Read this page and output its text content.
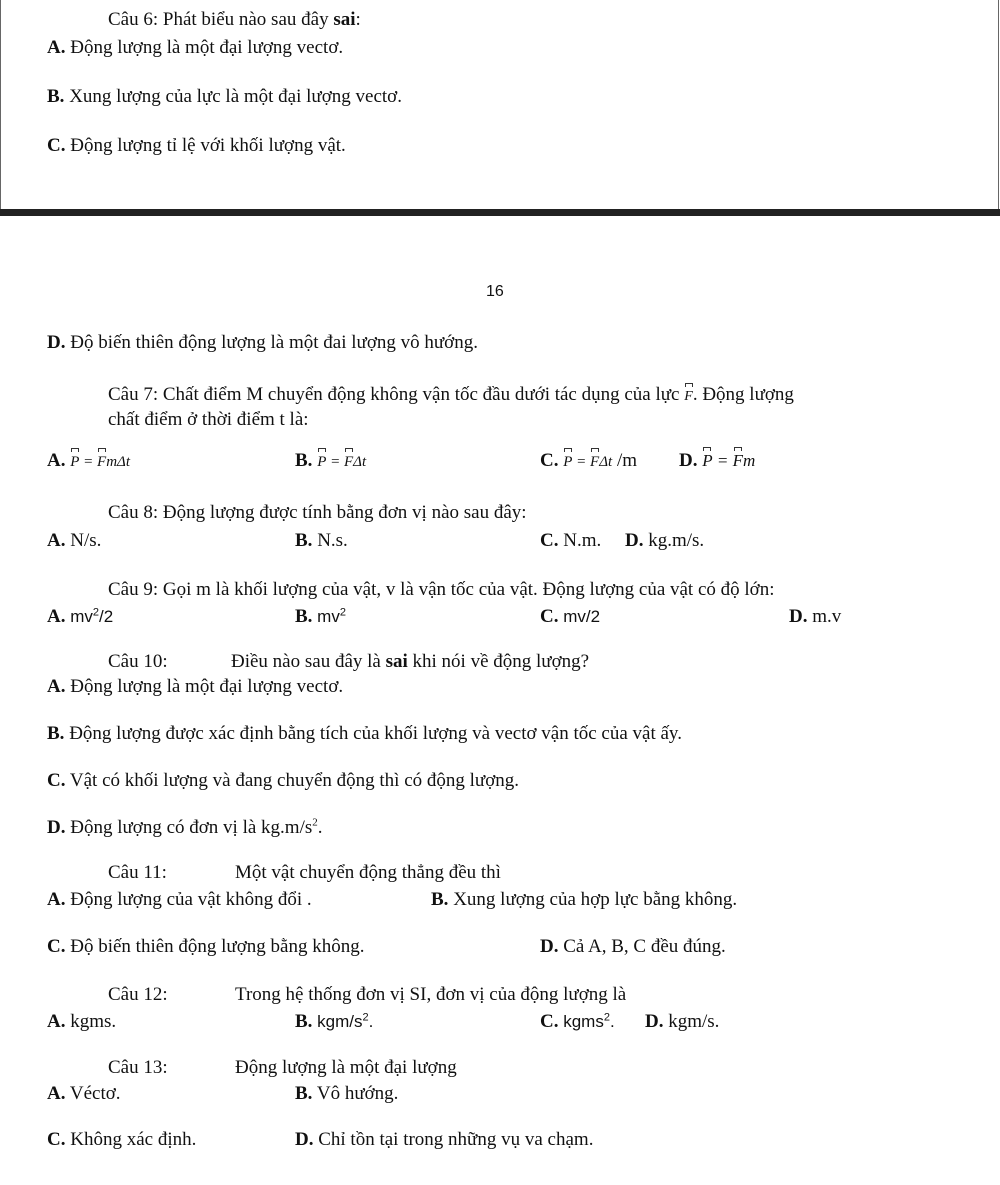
16
Câu 6: Phát biểu nào sau đây sai:
A. Động lượng là một đại lượng vectơ.
B. Xung lượng của lực là một đại lượng vectơ.
C. Động lượng tỉ lệ với khối lượng vật.
D. Độ biến thiên động lượng là một đai lượng vô hướng.
Câu 7: Chất điểm M chuyển động không vận tốc đầu dưới tác dụng của lực F. Động lượng
chất điểm ở thời điểm t là:
A. P = FmΔt	B. P = FΔt	C. P = FΔt /m D. P = Fm
Câu 8: Động lượng được tính bằng đơn vị nào sau đây:
A. N/s.	B. N.s.	C. N.m. D. kg.m/s.
Câu 9: Gọi m là khối lượng của vật, v là vận tốc của vật. Động lượng của vật có độ lớn:
A. $mv^2/2$	B. $mv^2$	C. mv/2	D. m.v
Câu 10:	Điều nào sau đây là sai khi nói về động lượng?
A. Động lượng là một đại lượng vectơ.
B. Động lượng được xác định bằng tích của khối lượng và vectơ vận tốc của vật ấy.
C. Vật có khối lượng và đang chuyển động thì có động lượng.
D. Động lượng có đơn vị là $kg.m/s^2$.
Câu 11:	Một vật chuyển động thẳng đều thì
A. Động lượng của vật không đổi .	B. Xung lượng của hợp lực bằng không.
C. Độ biến thiên động lượng bằng không.	D. Cả A, B, C đều đúng.
Câu 12:	Trong hệ thống đơn vị SI, đơn vị của động lượng là
A. kgms.	B. kgm/$s^2$.	C. kgms$^2$. D. kgm/s.
Câu 13:	Động lượng là một đại lượng
A. Véctơ.	B. Vô hướng.
C. Không xác định.	D. Chỉ tồn tại trong những vụ va chạm.
